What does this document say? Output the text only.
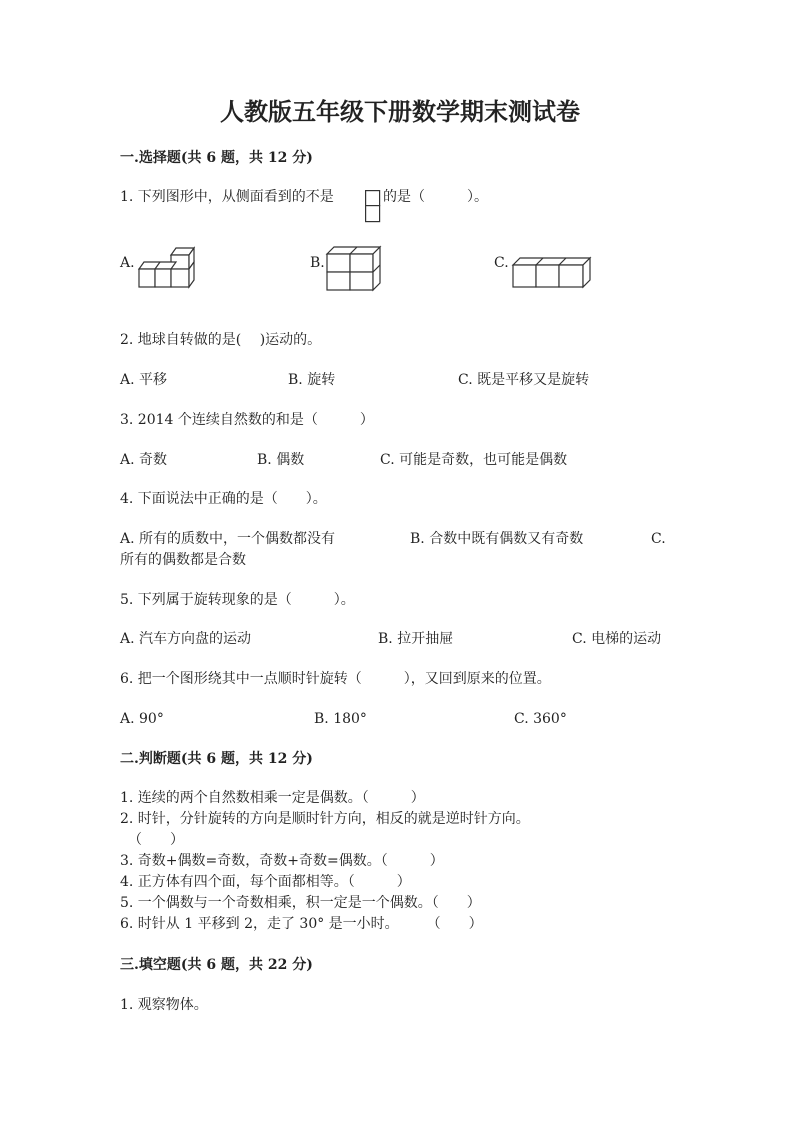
人教版五年级下册数学期末测试卷
一.选择题(共 6 题，共 12 分)
1. 下列图形中，从侧面看到的不是	的是（　　　）。
A.	B.	C.
2. 地球自转做的是(　 )运动的。
A. 平移	B. 旋转	C. 既是平移又是旋转
3. 2014 个连续自然数的和是（　　　）
A. 奇数	B. 偶数	C. 可能是奇数，也可能是偶数
4. 下面说法中正确的是（　　）。
A. 所有的质数中，一个偶数都没有	B. 合数中既有偶数又有奇数	C.
所有的偶数都是合数
5. 下列属于旋转现象的是（　　　）。
A. 汽车方向盘的运动	B. 拉开抽屉	C. 电梯的运动
6. 把一个图形绕其中一点顺时针旋转（　　　），又回到原来的位置。
A. 90°	B. 180°	C. 360°
二.判断题(共 6 题，共 12 分)
1. 连续的两个自然数相乘一定是偶数。（　　　）
2. 时针，分针旋转的方向是顺时针方向，相反的就是逆时针方向。
（　　）
3. 奇数+偶数=奇数，奇数+奇数=偶数。（　　　）
4. 正方体有四个面，每个面都相等。（　　　）
5. 一个偶数与一个奇数相乘，积一定是一个偶数。（　　）
6. 时针从 1 平移到 2，走了 30° 是一小时。　　　（　　）
三.填空题(共 6 题，共 22 分)
1. 观察物体。
